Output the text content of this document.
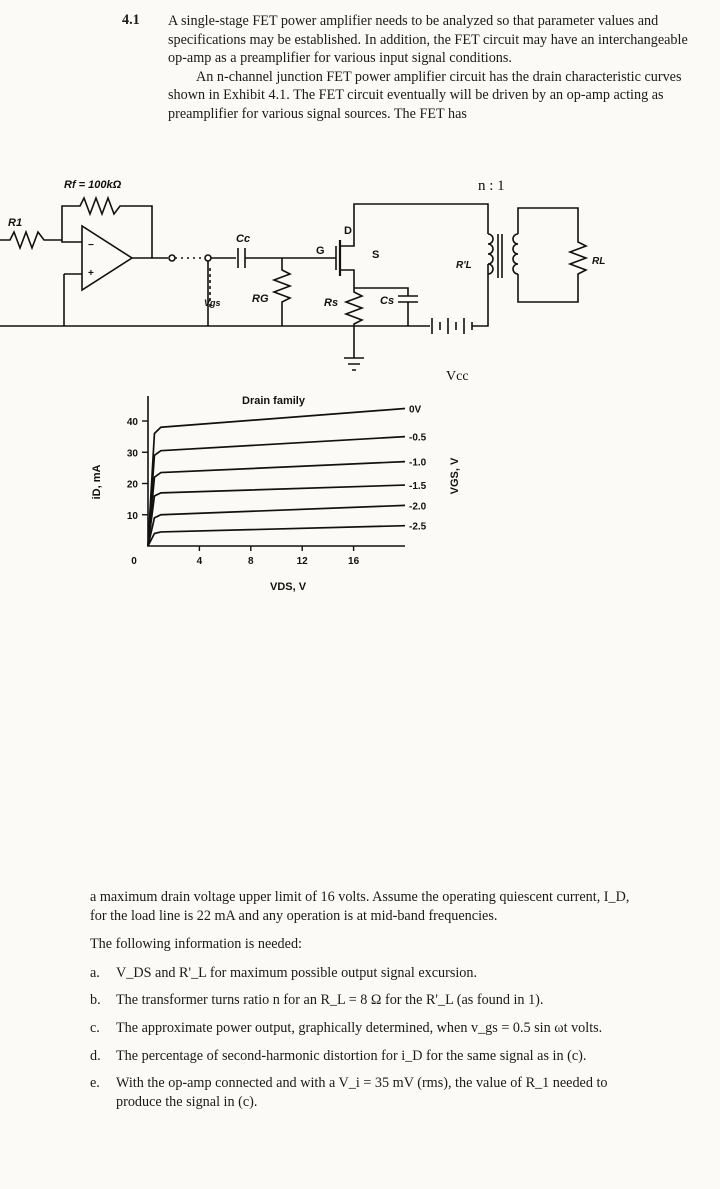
4.1 A single-stage FET power amplifier needs to be analyzed so that parameter values and specifications may be established. In addition, the FET circuit may have an interchangeable op-amp as a preamplifier for various input signal conditions.

An n-channel junction FET power amplifier circuit has the drain characteristic curves shown in Exhibit 4.1. The FET circuit eventually will be driven by an op-amp acting as preamplifier for various signal sources. The FET has

Rf = 100kΩ
R1
−
+
Cc
Vgs	RG	Rs	Cs
G
D
S
R'L	RL
n : 1
Vcc
10
20
30
40
4	8	12	16
0
0V
-0.5
-1.0
-1.5
-2.0
-2.5
Drain family
VDS, V
iD, mA	VGS, V

a maximum drain voltage upper limit of 16 volts. Assume the operating quiescent current, I_D, for the load line is 22 mA and any operation is at mid-band frequencies.

The following information is needed:

a. V_DS and R'_L for maximum possible output signal excursion.
b. The transformer turns ratio n for an R_L = 8 Ω for the R'_L (as found in 1).
c. The approximate power output, graphically determined, when v_gs = 0.5 sin ωt volts.
d. The percentage of second-harmonic distortion for i_D for the same signal as in (c).
e. With the op-amp connected and with a V_i = 35 mV (rms), the value of R_1 needed to produce the signal in (c).
